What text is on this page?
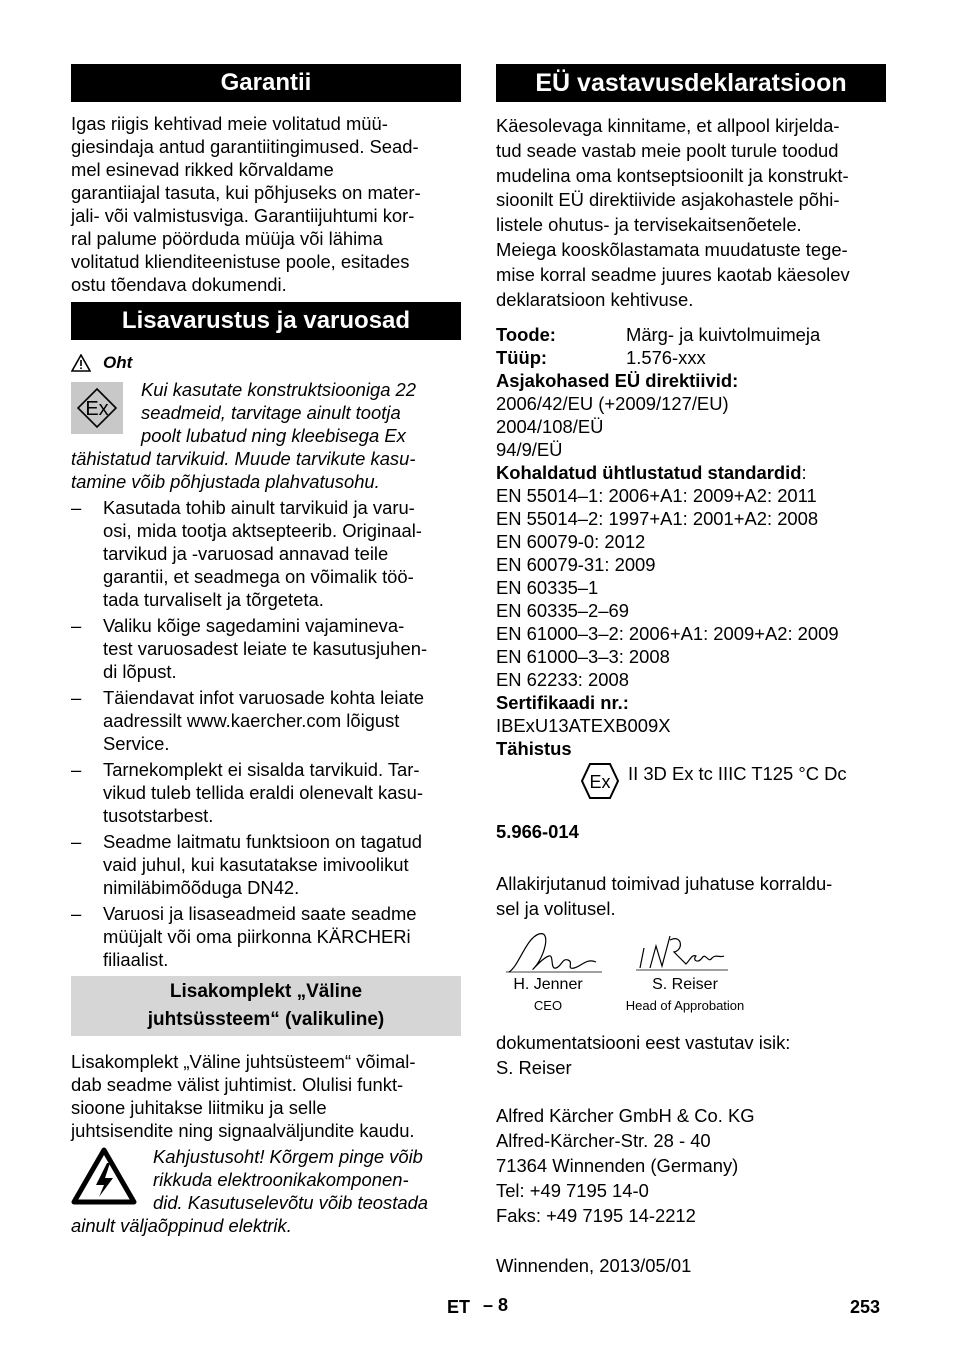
Garantii

Igas riigis kehtivad meie volitatud müü-
giesindaja antud garantiitingimused. Sead-
mel esinevad rikked kõrvaldame
garantiiajal tasuta, kui põhjuseks on mater-
jali- või valmistusviga. Garantiijuhtumi kor-
ral palume pöörduda müüja või lähima
volitatud klienditeenistuse poole, esitades
ostu tõendava dokumendi.

Lisavarustus ja varuosad
Oht
Ex

Kui kasutate konstruktsiooniga 22
seadmeid, tarvitage ainult tootja
poolt lubatud ning kleebisega Ex
tähistatud tarvikuid. Muude tarvikute kasu-
tamine võib põhjustada plahvatusohu.

– Kasutada tohib ainult tarvikuid ja varu-
osi, mida tootja aktsepteerib. Originaal-
tarvikud ja -varuosad annavad teile
garantii, et seadmega on võimalik töö-
tada turvaliselt ja tõrgeteta.
– Valiku kõige sagedamini vajamineva-
test varuosadest leiate te kasutusjuhen-
di lõpust.
– Täiendavat infot varuosade kohta leiate
aadressilt www.kaercher.com lõigust
Service.
– Tarnekomplekt ei sisalda tarvikuid. Tar-
vikud tuleb tellida eraldi olenevalt kasu-
tusotstarbest.
– Seadme laitmatu funktsioon on tagatud
vaid juhul, kui kasutatakse imivoolikut
nimiläbimõõduga DN42.
– Varuosi ja lisaseadmeid saate seadme
müüjalt või oma piirkonna KÄRCHERi
filiaalist.
Lisakomplekt „Väline
juhtsüssteem“ (valikuline)

Lisakomplekt „Väline juhtsüsteem“ võimal-
dab seadme välist juhtimist. Olulisi funkt-
sioone juhitakse liitmiku ja selle
juhtsisendite ning signaalväljundite kaudu.

Kahjustusoht! Kõrgem pinge võib
rikkuda elektroonikakomponen-
did. Kasutuselevõtu võib teostada
ainult väljaõppinud elektrik.

EÜ vastavusdeklaratsioon

Käesolevaga kinnitame, et allpool kirjelda-
tud seade vastab meie poolt turule toodud
mudelina oma kontseptsioonilt ja konstrukt-
sioonilt EÜ direktiivide asjakohastele põhi-
listele ohutus- ja tervisekaitsenõetele.
Meiega kooskõlastamata muudatuste tege-
mise korral seadme juures kaotab käesolev
deklaratsioon kehtivuse.

Toode:	Märg- ja kuivtolmuimeja
Tüüp:	1.576-xxx
Asjakohased EÜ direktiivid:
2006/42/EU (+2009/127/EU)
2004/108/EÜ
94/9/EÜ
Kohaldatud ühtlustatud standardid:
EN 55014–1: 2006+A1: 2009+A2: 2011
EN 55014–2: 1997+A1: 2001+A2: 2008
EN 60079-0: 2012
EN 60079-31: 2009
EN 60335–1
EN 60335–2–69
EN 61000–3–2: 2006+A1: 2009+A2: 2009
EN 61000–3–3: 2008
EN 62233: 2008
Sertifikaadi nr.:
IBExU13ATEXB009X
Tähistus
Ex II 3D Ex tc IIIC T125 °C Dc
5.966-014

Allakirjutanud toimivad juhatuse korraldu-
sel ja volitusel.

H. Jenner
CEO
S. Reiser
Head of Approbation
dokumentatsiooni eest vastutav isik:
S. Reiser
Alfred Kärcher GmbH & Co. KG
Alfred-Kärcher-Str. 28 - 40
71364 Winnenden (Germany)
Tel: +49 7195 14-0
Faks: +49 7195 14-2212
Winnenden, 2013/05/01
ET – 8	253
